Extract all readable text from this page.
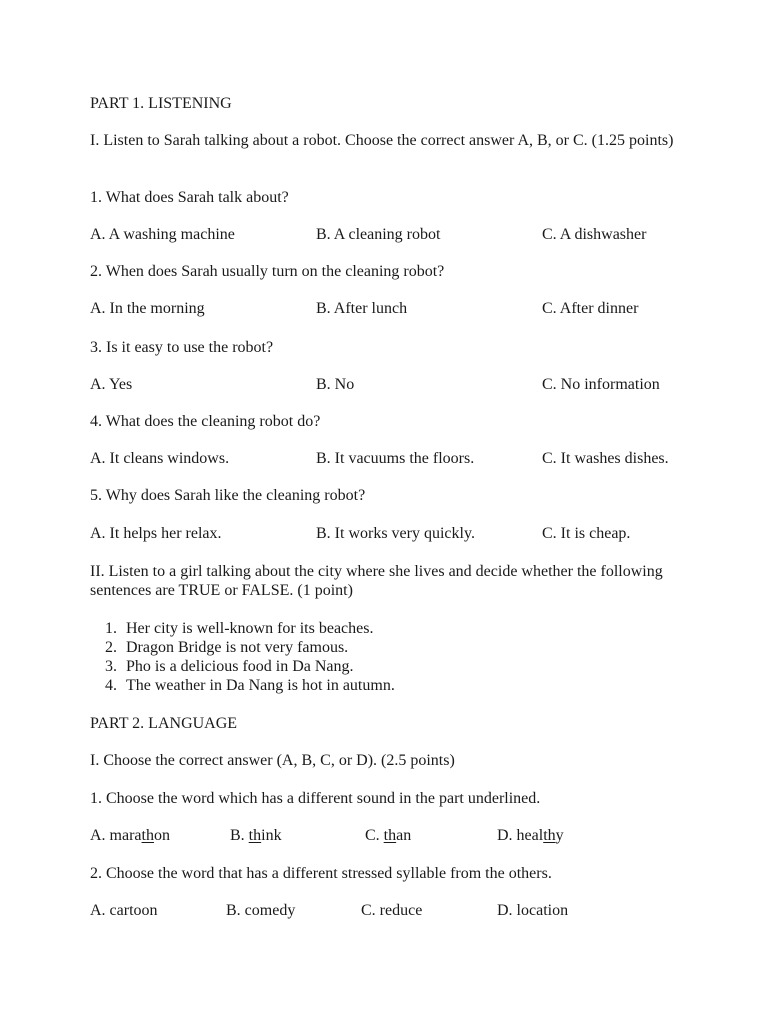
PART 1. LISTENING
I. Listen to Sarah talking about a robot. Choose the correct answer A, B, or C. (1.25 points)
1. What does Sarah talk about?
A. A washing machine	B. A cleaning robot	C. A dishwasher
2. When does Sarah usually turn on the cleaning robot?
A. In the morning	B. After lunch	C. After dinner
3. Is it easy to use the robot?
A. Yes	B. No	C. No information
4. What does the cleaning robot do?
A. It cleans windows.	B. It vacuums the floors.	C. It washes dishes.
5. Why does Sarah like the cleaning robot?
A. It helps her relax.	B. It works very quickly.	C. It is cheap.
II. Listen to a girl talking about the city where she lives and decide whether the following sentences are TRUE or FALSE. (1 point)
1. Her city is well-known for its beaches.
2. Dragon Bridge is not very famous.
3. Pho is a delicious food in Da Nang.
4. The weather in Da Nang is hot in autumn.
PART 2. LANGUAGE
I. Choose the correct answer (A, B, C, or D). (2.5 points)
1. Choose the word which has a different sound in the part underlined.
A. marathon	B. think	C. than	D. healthy
2. Choose the word that has a different stressed syllable from the others.
A. cartoon	B. comedy	C. reduce	D. location
